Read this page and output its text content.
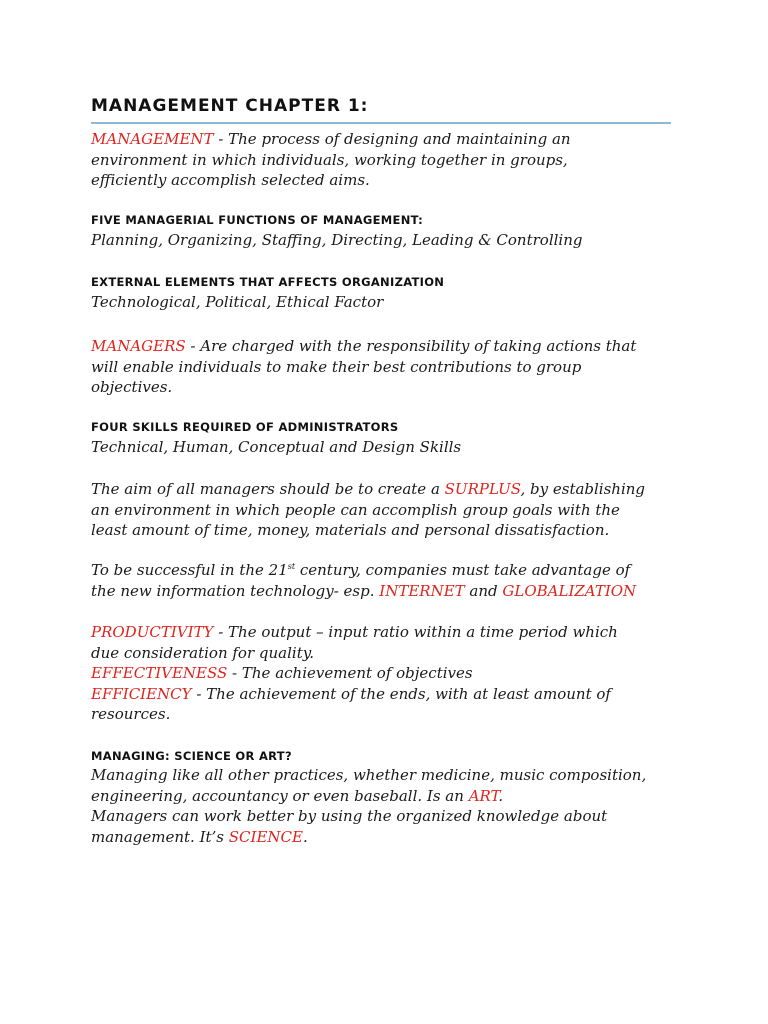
MANAGEMENT CHAPTER 1:
MANAGEMENT - The process of designing and maintaining an
environment in which individuals, working together in groups,
efficiently accomplish selected aims.
FIVE MANAGERIAL FUNCTIONS OF MANAGEMENT:
Planning, Organizing, Staffing, Directing, Leading & Controlling
EXTERNAL ELEMENTS THAT AFFECTS ORGANIZATION
Technological, Political, Ethical Factor
MANAGERS - Are charged with the responsibility of taking actions that
will enable individuals to make their best contributions to group
objectives.
FOUR SKILLS REQUIRED OF ADMINISTRATORS
Technical, Human, Conceptual and Design Skills
The aim of all managers should be to create a SURPLUS, by establishing
an environment in which people can accomplish group goals with the
least amount of time, money, materials and personal dissatisfaction.
To be successful in the 21st century, companies must take advantage of
the new information technology- esp. INTERNET and GLOBALIZATION
PRODUCTIVITY - The output – input ratio within a time period which
due consideration for quality.
EFFECTIVENESS - The achievement of objectives
EFFICIENCY - The achievement of the ends, with at least amount of
resources.
MANAGING: SCIENCE OR ART?
Managing like all other practices, whether medicine, music composition,
engineering, accountancy or even baseball. Is an ART.
Managers can work better by using the organized knowledge about
management. It’s SCIENCE.
